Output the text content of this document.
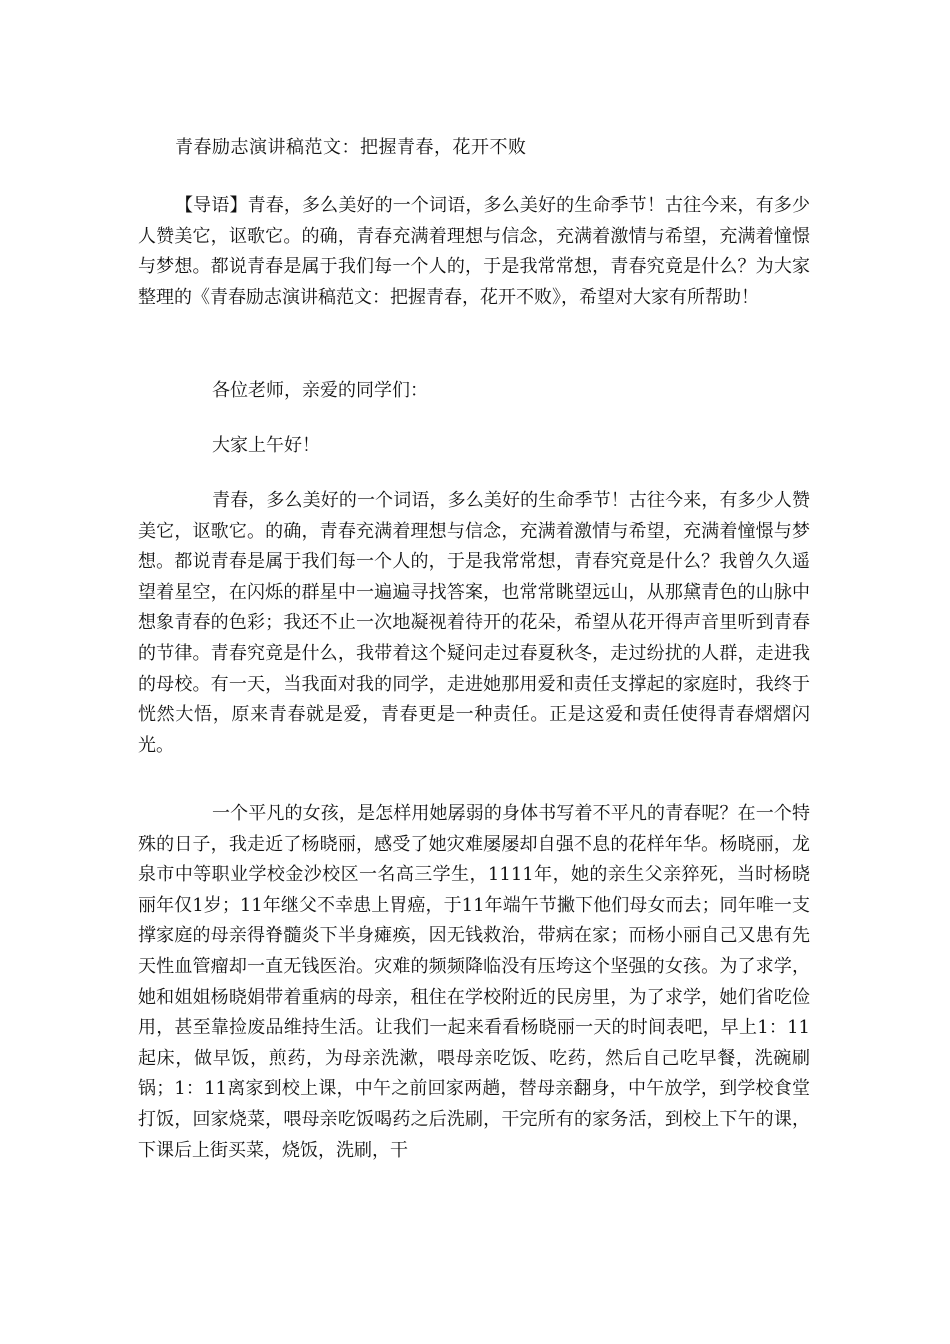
青春励志演讲稿范文：把握青春，花开不败

【导语】青春，多么美好的一个词语，多么美好的生命季节！古往今来，有多少人赞美它，讴歌它。的确，青春充满着理想与信念，充满着激情与希望，充满着憧憬与梦想。都说青春是属于我们每一个人的，于是我常常想，青春究竟是什么？为大家整理的《青春励志演讲稿范文：把握青春，花开不败》，希望对大家有所帮助！

各位老师，亲爱的同学们：

大家上午好！

青春，多么美好的一个词语，多么美好的生命季节！古往今来，有多少人赞美它，讴歌它。的确，青春充满着理想与信念，充满着激情与希望，充满着憧憬与梦想。都说青春是属于我们每一个人的，于是我常常想，青春究竟是什么？我曾久久遥望着星空，在闪烁的群星中一遍遍寻找答案，也常常眺望远山，从那黛青色的山脉中想象青春的色彩；我还不止一次地凝视着待开的花朵，希望从花开得声音里听到青春的节律。青春究竟是什么，我带着这个疑问走过春夏秋冬，走过纷扰的人群，走进我的母校。有一天，当我面对我的同学，走进她那用爱和责任支撑起的家庭时，我终于恍然大悟，原来青春就是爱，青春更是一种责任。正是这爱和责任使得青春熠熠闪光。

一个平凡的女孩，是怎样用她孱弱的身体书写着不平凡的青春呢？在一个特殊的日子，我走近了杨晓丽，感受了她灾难屡屡却自强不息的花样年华。杨晓丽，龙泉市中等职业学校金沙校区一名高三学生，1111年，她的亲生父亲猝死，当时杨晓丽年仅1岁；11年继父不幸患上胃癌，于11年端午节撇下他们母女而去；同年唯一支撑家庭的母亲得脊髓炎下半身瘫痪，因无钱救治，带病在家；而杨小丽自己又患有先天性血管瘤却一直无钱医治。灾难的频频降临没有压垮这个坚强的女孩。为了求学，她和姐姐杨晓娟带着重病的母亲，租住在学校附近的民房里，为了求学，她们省吃俭用，甚至靠捡废品维持生活。让我们一起来看看杨晓丽一天的时间表吧，早上1：11起床，做早饭，煎药，为母亲洗漱，喂母亲吃饭、吃药，然后自己吃早餐，洗碗刷锅；1：11离家到校上课，中午之前回家两趟，替母亲翻身，中午放学，到学校食堂打饭，回家烧菜，喂母亲吃饭喝药之后洗刷，干完所有的家务活，到校上下午的课，下课后上街买菜，烧饭，洗刷，干
